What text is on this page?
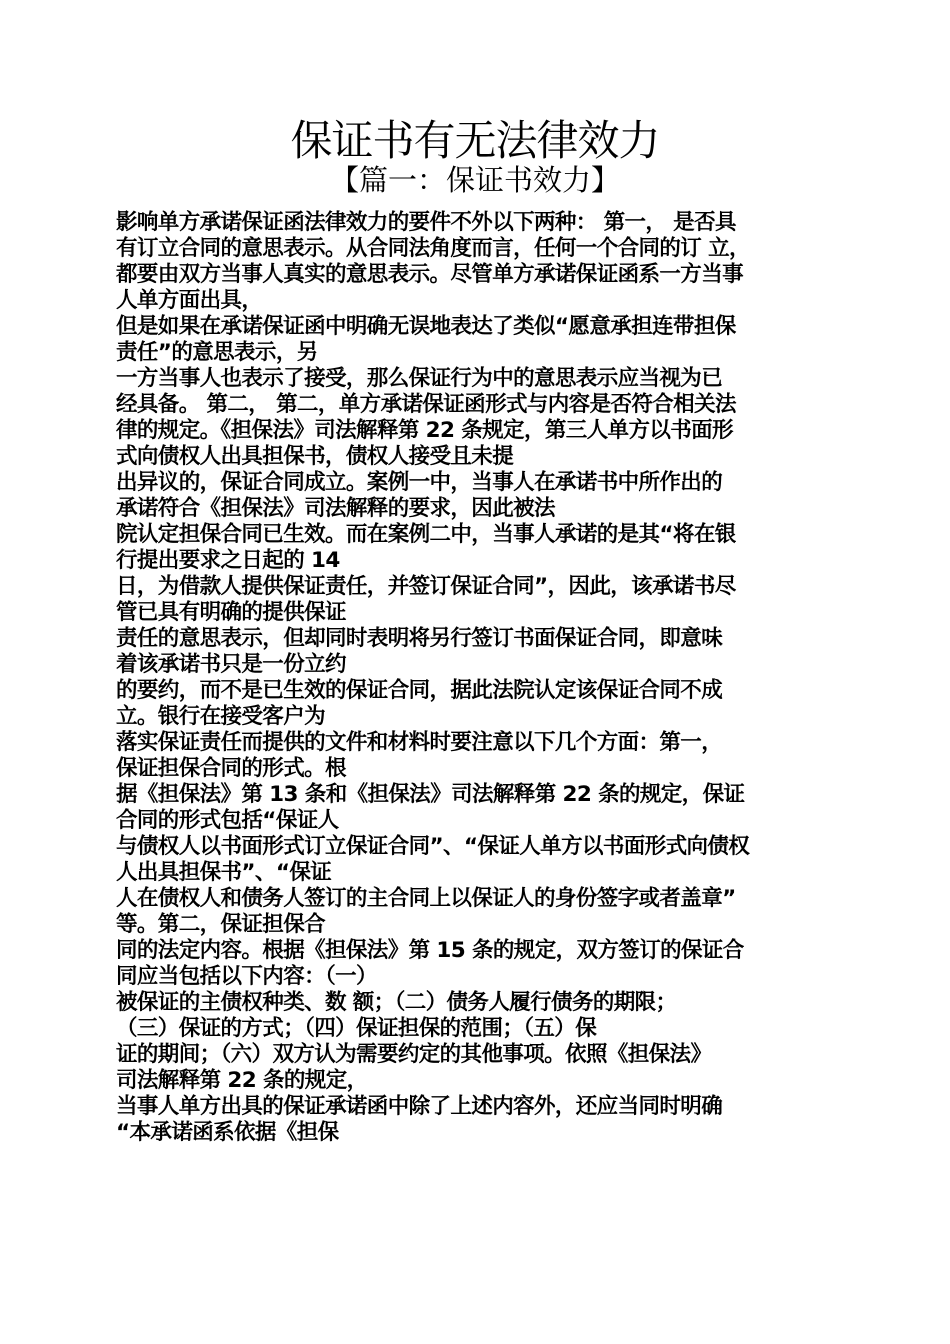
保证书有无法律效力
【篇一：保证书效力】
影响单方承诺保证函法律效力的要件不外以下两种： 第一， 是否具
有订立合同的意思表示。从合同法角度而言，任何一个合同的订 立，
都要由双方当事人真实的意思表示。尽管单方承诺保证函系一方当事
人单方面出具，
但是如果在承诺保证函中明确无误地表达了类似“愿意承担连带担保
责任”的意思表示，另
一方当事人也表示了接受，那么保证行为中的意思表示应当视为已
经具备。 第二， 第二，单方承诺保证函形式与内容是否符合相关法
律的规定。《担保法》司法解释第 22 条规定，第三人单方以书面形
式向债权人出具担保书，债权人接受且未提
出异议的，保证合同成立。案例一中，当事人在承诺书中所作出的
承诺符合《担保法》司法解释的要求，因此被法
院认定担保合同已生效。而在案例二中，当事人承诺的是其“将在银
行提出要求之日起的 14
日，为借款人提供保证责任，并签订保证合同”，因此，该承诺书尽
管已具有明确的提供保证
责任的意思表示，但却同时表明将另行签订书面保证合同，即意味
着该承诺书只是一份立约
的要约，而不是已生效的保证合同，据此法院认定该保证合同不成
立。银行在接受客户为
落实保证责任而提供的文件和材料时要注意以下几个方面：第一，
保证担保合同的形式。根
据《担保法》第 13 条和《担保法》司法解释第 22 条的规定，保证
合同的形式包括“保证人
与债权人以书面形式订立保证合同”、“保证人单方以书面形式向债权
人出具担保书”、“保证
人在债权人和债务人签订的主合同上以保证人的身份签字或者盖章”
等。第二，保证担保合
同的法定内容。根据《担保法》第 15 条的规定，双方签订的保证合
同应当包括以下内容：（一）
被保证的主债权种类、数 额；（二）债务人履行债务的期限；
（三）保证的方式；（四）保证担保的范围；（五）保
证的期间；（六）双方认为需要约定的其他事项。依照《担保法》
司法解释第 22 条的规定，
当事人单方出具的保证承诺函中除了上述内容外，还应当同时明确
“本承诺函系依据《担保
